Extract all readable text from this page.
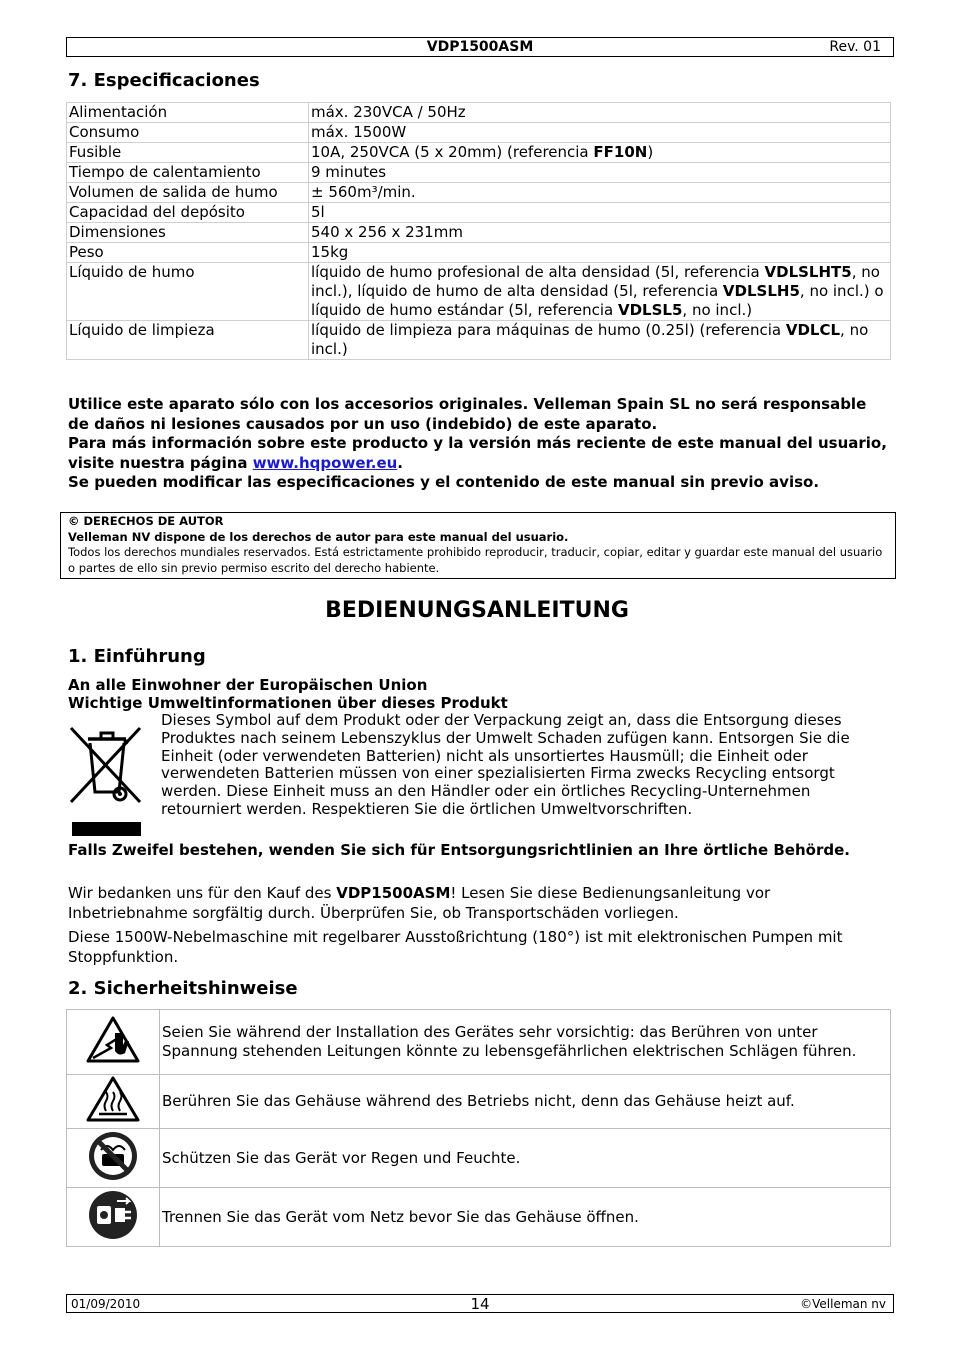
VDP1500ASM	Rev. 01
7. Especificaciones
Alimentación	máx. 230VCA / 50Hz
Consumo	máx. 1500W
Fusible	10A, 250VCA (5 x 20mm) (referencia FF10N)
Tiempo de calentamiento	9 minutes
Volumen de salida de humo	± 560m³/min.
Capacidad del depósito	5l
Dimensiones	540 x 256 x 231mm
Peso	15kg
Líquido de humo	líquido de humo profesional de alta densidad (5l, referencia VDLSLHT5, no incl.), líquido de humo de alta densidad (5l, referencia VDLSLH5, no incl.) o líquido de humo estándar (5l, referencia VDLSL5, no incl.)
Líquido de limpieza	líquido de limpieza para máquinas de humo (0.25l) (referencia VDLCL, no incl.)
Utilice este aparato sólo con los accesorios originales. Velleman Spain SL no será responsable de daños ni lesiones causados por un uso (indebido) de este aparato.
Para más información sobre este producto y la versión más reciente de este manual del usuario, visite nuestra página www.hqpower.eu.
Se pueden modificar las especificaciones y el contenido de este manual sin previo aviso.
© DERECHOS DE AUTOR
Velleman NV dispone de los derechos de autor para este manual del usuario.
Todos los derechos mundiales reservados. Está estrictamente prohibido reproducir, traducir, copiar, editar y guardar este manual del usuario o partes de ello sin previo permiso escrito del derecho habiente.
BEDIENUNGSANLEITUNG
1. Einführung
An alle Einwohner der Europäischen Union
Wichtige Umweltinformationen über dieses Produkt
Dieses Symbol auf dem Produkt oder der Verpackung zeigt an, dass die Entsorgung dieses Produktes nach seinem Lebenszyklus der Umwelt Schaden zufügen kann. Entsorgen Sie die Einheit (oder verwendeten Batterien) nicht als unsortiertes Hausmüll; die Einheit oder verwendeten Batterien müssen von einer spezialisierten Firma zwecks Recycling entsorgt werden. Diese Einheit muss an den Händler oder ein örtliches Recycling-Unternehmen retourniert werden. Respektieren Sie die örtlichen Umweltvorschriften.
Falls Zweifel bestehen, wenden Sie sich für Entsorgungsrichtlinien an Ihre örtliche Behörde.
Wir bedanken uns für den Kauf des VDP1500ASM! Lesen Sie diese Bedienungsanleitung vor Inbetriebnahme sorgfältig durch. Überprüfen Sie, ob Transportschäden vorliegen.
Diese 1500W-Nebelmaschine mit regelbarer Ausstoßrichtung (180°) ist mit elektronischen Pumpen mit Stoppfunktion.
2. Sicherheitshinweise
	Seien Sie während der Installation des Gerätes sehr vorsichtig: das Berühren von unter Spannung stehenden Leitungen könnte zu lebensgefährlichen elektrischen Schlägen führen.
	Berühren Sie das Gehäuse während des Betriebs nicht, denn das Gehäuse heizt auf.
	Schützen Sie das Gerät vor Regen und Feuchte.
	Trennen Sie das Gerät vom Netz bevor Sie das Gehäuse öffnen.
01/09/2010	14	©Velleman nv
